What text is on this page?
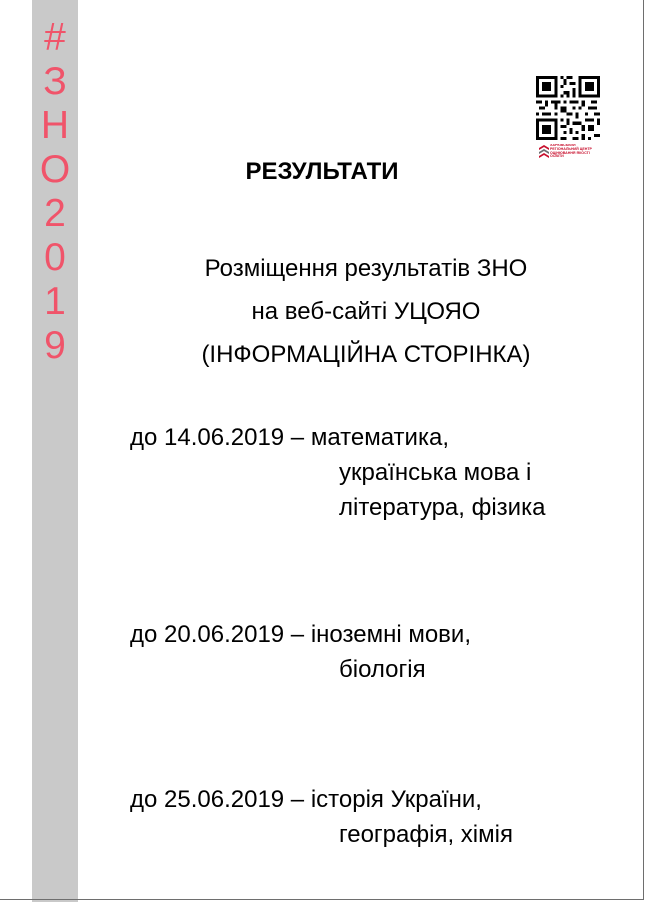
#
З
Н
О
2
0
1
9
ХАРКІВСЬКИЙ РЕГІОНАЛЬНИЙ ЦЕНТР ОЦІНЮВАННЯ ЯКОСТІ ОСВІТИ
РЕЗУЛЬТАТИ
Розміщення результатів ЗНО
на веб-сайті УЦОЯО
(ІНФОРМАЦІЙНА СТОРІНКА)
до 14.06.2019 – математика,
українська мова і
література, фізика
до 20.06.2019 – іноземні мови,
біологія
до 25.06.2019 – історія України,
географія, хімія
